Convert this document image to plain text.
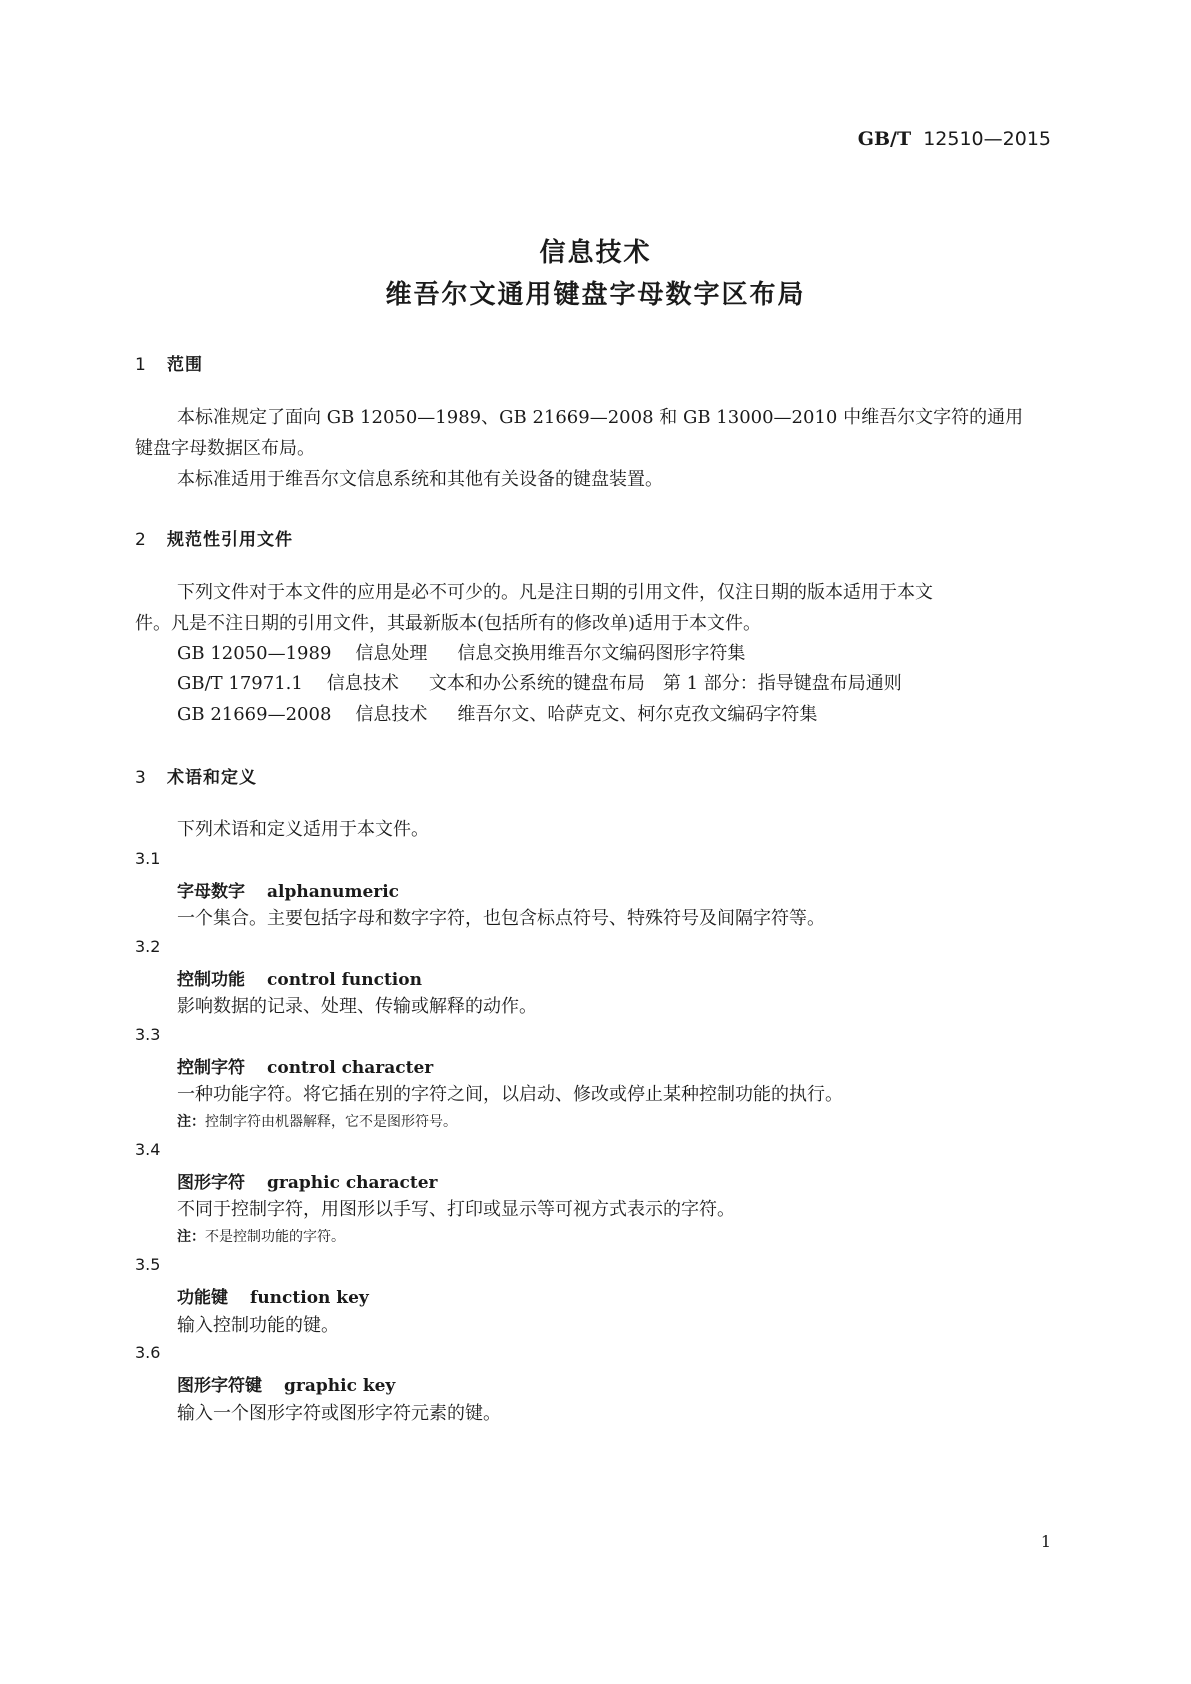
GB/T 12510—2015
信息技术
维吾尔文通用键盘字母数字区布局
1 范围
本标准规定了面向 GB 12050—1989、GB 21669—2008 和 GB 13000—2010 中维吾尔文字符的通用
键盘字母数据区布局。
本标准适用于维吾尔文信息系统和其他有关设备的键盘装置。
2 规范性引用文件
下列文件对于本文件的应用是必不可少的。凡是注日期的引用文件，仅注日期的版本适用于本文
件。凡是不注日期的引用文件，其最新版本(包括所有的修改单)适用于本文件。
GB 12050—1989 信息处理 信息交换用维吾尔文编码图形字符集
GB/T 17971.1 信息技术 文本和办公系统的键盘布局　第 1 部分：指导键盘布局通则
GB 21669—2008 信息技术 维吾尔文、哈萨克文、柯尔克孜文编码字符集
3 术语和定义
下列术语和定义适用于本文件。
3.1
字母数字 alphanumeric
一个集合。主要包括字母和数字字符，也包含标点符号、特殊符号及间隔字符等。
3.2
控制功能 control function
影响数据的记录、处理、传输或解释的动作。
3.3
控制字符 control character
一种功能字符。将它插在别的字符之间，以启动、修改或停止某种控制功能的执行。
注：控制字符由机器解释，它不是图形符号。
3.4
图形字符 graphic character
不同于控制字符，用图形以手写、打印或显示等可视方式表示的字符。
注：不是控制功能的字符。
3.5
功能键 function key
输入控制功能的键。
3.6
图形字符键 graphic key
输入一个图形字符或图形字符元素的键。
1
